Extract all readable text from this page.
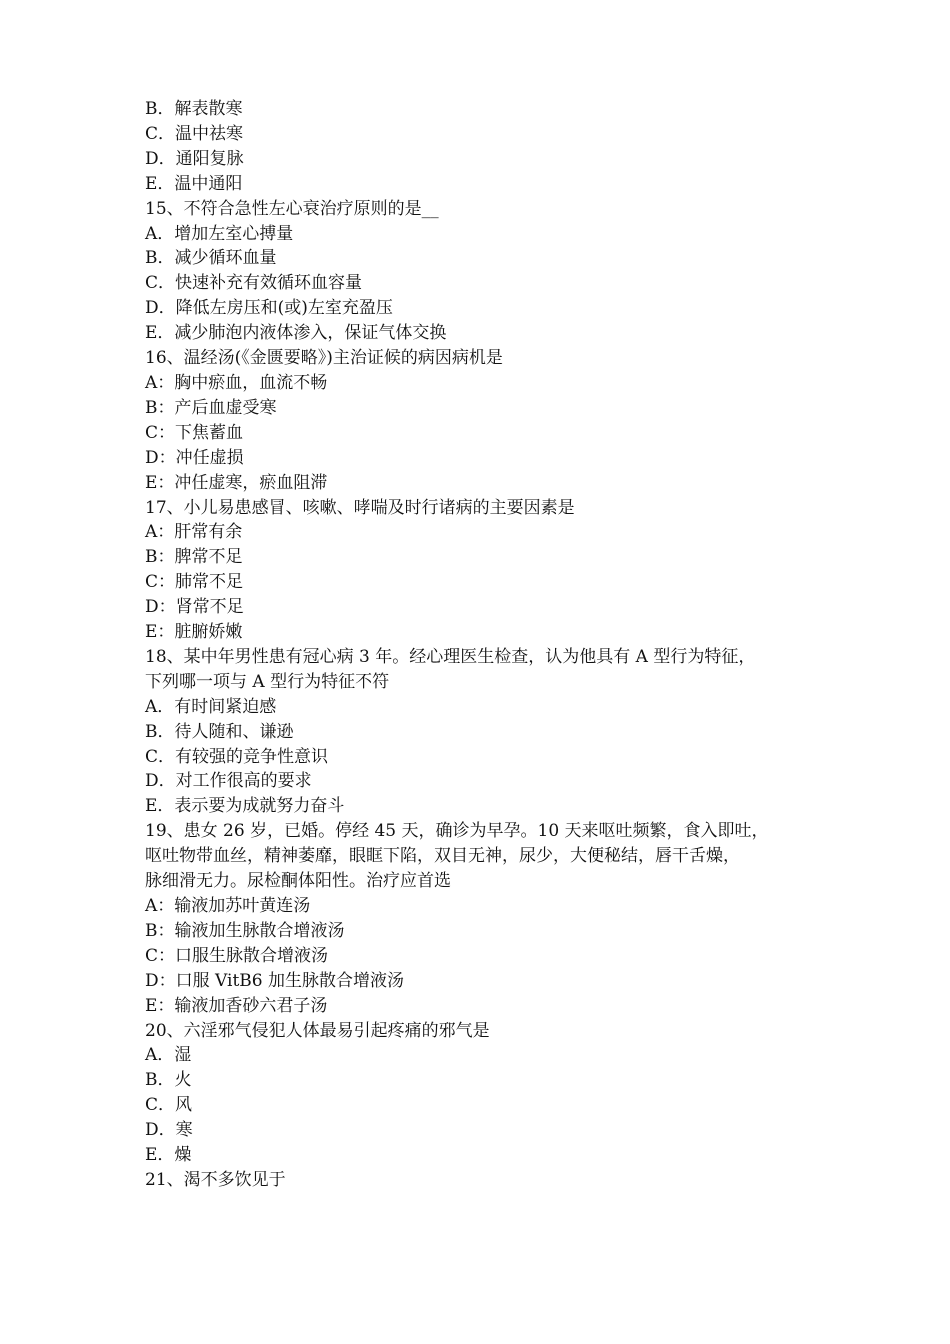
B．解表散寒

C．温中祛寒

D．通阳复脉

E．温中通阳

15、不符合急性左心衰治疗原则的是__

A．增加左室心搏量

B．减少循环血量

C．快速补充有效循环血容量

D．降低左房压和(或)左室充盈压

E．减少肺泡内液体渗入，保证气体交换

16、温经汤(《金匮要略》)主治证候的病因病机是

A：胸中瘀血，血流不畅

B：产后血虚受寒

C：下焦蓄血

D：冲任虚损

E：冲任虚寒，瘀血阻滞

17、小儿易患感冒、咳嗽、哮喘及时行诸病的主要因素是

A：肝常有余

B：脾常不足

C：肺常不足

D：肾常不足

E：脏腑娇嫩

18、某中年男性患有冠心病 3 年。经心理医生检查，认为他具有 A 型行为特征，

下列哪一项与 A 型行为特征不符

A．有时间紧迫感

B．待人随和、谦逊

C．有较强的竞争性意识

D．对工作很高的要求

E．表示要为成就努力奋斗

19、患女 26 岁，已婚。停经 45 天，确诊为早孕。10 天来呕吐频繁，食入即吐，

呕吐物带血丝，精神萎靡，眼眶下陷，双目无神，尿少，大便秘结，唇干舌燥，

脉细滑无力。尿检酮体阳性。治疗应首选

A：输液加苏叶黄连汤

B：输液加生脉散合增液汤

C：口服生脉散合增液汤

D：口服 VitB6 加生脉散合增液汤

E：输液加香砂六君子汤

20、六淫邪气侵犯人体最易引起疼痛的邪气是

A．湿

B．火

C．风

D．寒

E．燥

21、渴不多饮见于
